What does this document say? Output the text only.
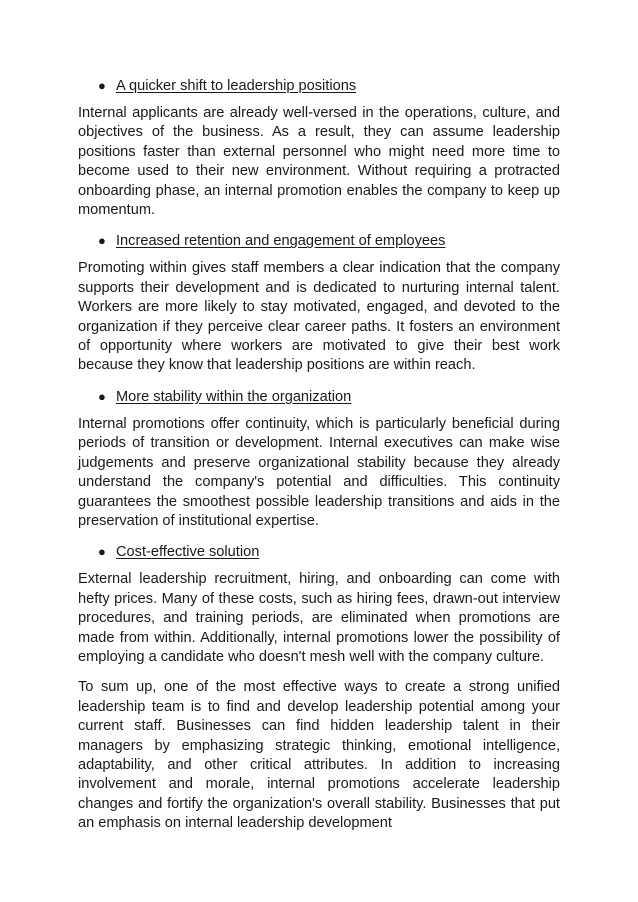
● A quicker shift to leadership positions

Internal applicants are already well-versed in the operations, culture, and objectives of the business. As a result, they can assume leadership positions faster than external personnel who might need more time to become used to their new environment. Without requiring a protracted onboarding phase, an internal promotion enables the company to keep up momentum.

● Increased retention and engagement of employees

Promoting within gives staff members a clear indication that the company supports their development and is dedicated to nurturing internal talent. Workers are more likely to stay motivated, engaged, and devoted to the organization if they perceive clear career paths. It fosters an environment of opportunity where workers are motivated to give their best work because they know that leadership positions are within reach.

● More stability within the organization

Internal promotions offer continuity, which is particularly beneficial during periods of transition or development. Internal executives can make wise judgements and preserve organizational stability because they already understand the company's potential and difficulties. This continuity guarantees the smoothest possible leadership transitions and aids in the preservation of institutional expertise.

● Cost-effective solution

External leadership recruitment, hiring, and onboarding can come with hefty prices. Many of these costs, such as hiring fees, drawn-out interview procedures, and training periods, are eliminated when promotions are made from within. Additionally, internal promotions lower the possibility of employing a candidate who doesn't mesh well with the company culture.

To sum up, one of the most effective ways to create a strong unified leadership team is to find and develop leadership potential among your current staff. Businesses can find hidden leadership talent in their managers by emphasizing strategic thinking, emotional intelligence, adaptability, and other critical attributes. In addition to increasing involvement and morale, internal promotions accelerate leadership changes and fortify the organization's overall stability. Businesses that put an emphasis on internal leadership development
